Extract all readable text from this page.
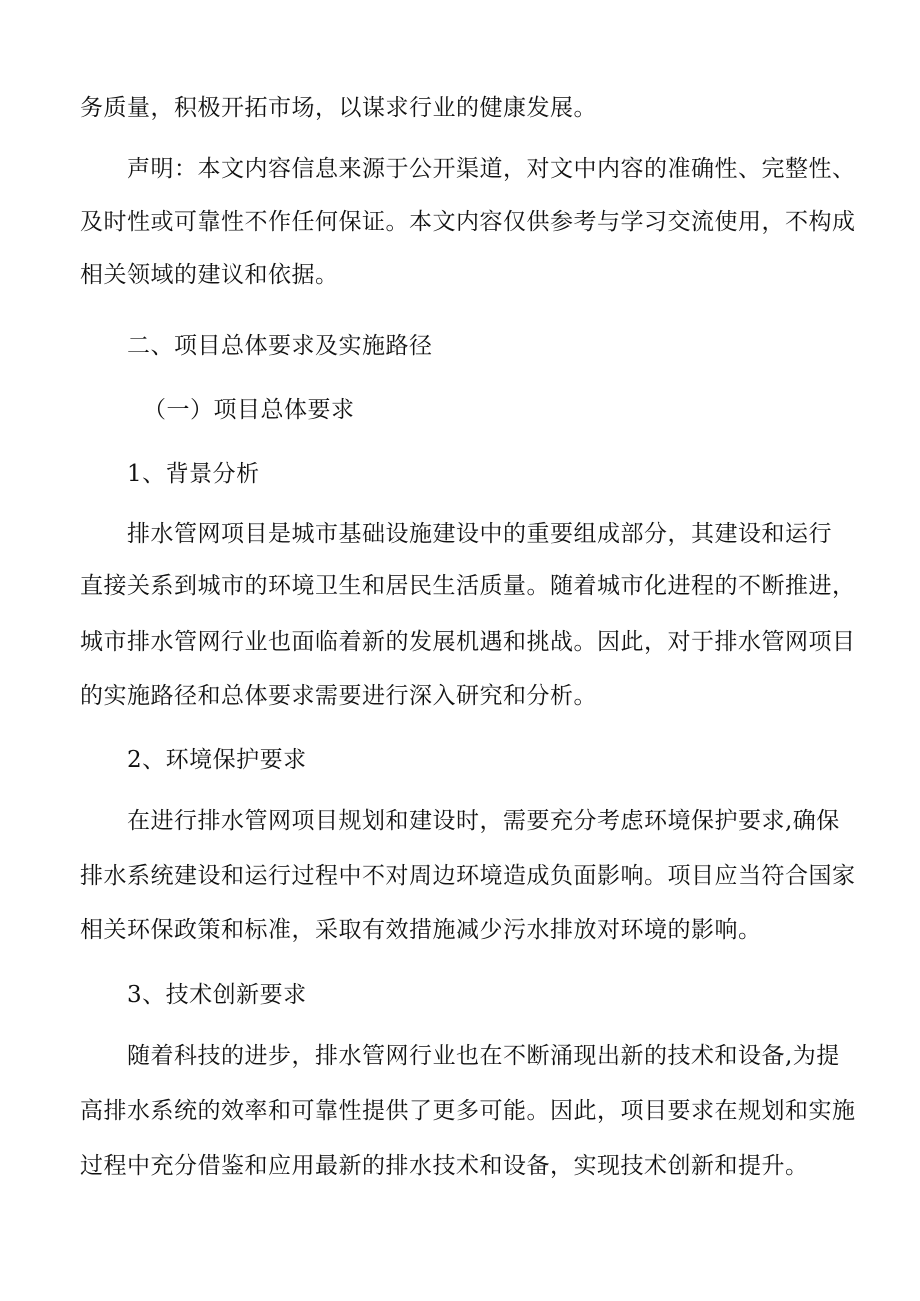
务质量，积极开拓市场，以谋求行业的健康发展。
声明：本文内容信息来源于公开渠道，对文中内容的准确性、完整性、
及时性或可靠性不作任何保证。本文内容仅供参考与学习交流使用，不构成
相关领域的建议和依据。
二、项目总体要求及实施路径
（一）项目总体要求
1、背景分析
排水管网项目是城市基础设施建设中的重要组成部分，其建设和运行
直接关系到城市的环境卫生和居民生活质量。随着城市化进程的不断推进，
城市排水管网行业也面临着新的发展机遇和挑战。因此，对于排水管网项目
的实施路径和总体要求需要进行深入研究和分析。
2、环境保护要求
在进行排水管网项目规划和建设时，需要充分考虑环境保护要求,确保
排水系统建设和运行过程中不对周边环境造成负面影响。项目应当符合国家
相关环保政策和标准，采取有效措施减少污水排放对环境的影响。
3、技术创新要求
随着科技的进步，排水管网行业也在不断涌现出新的技术和设备,为提
高排水系统的效率和可靠性提供了更多可能。因此，项目要求在规划和实施
过程中充分借鉴和应用最新的排水技术和设备，实现技术创新和提升。
